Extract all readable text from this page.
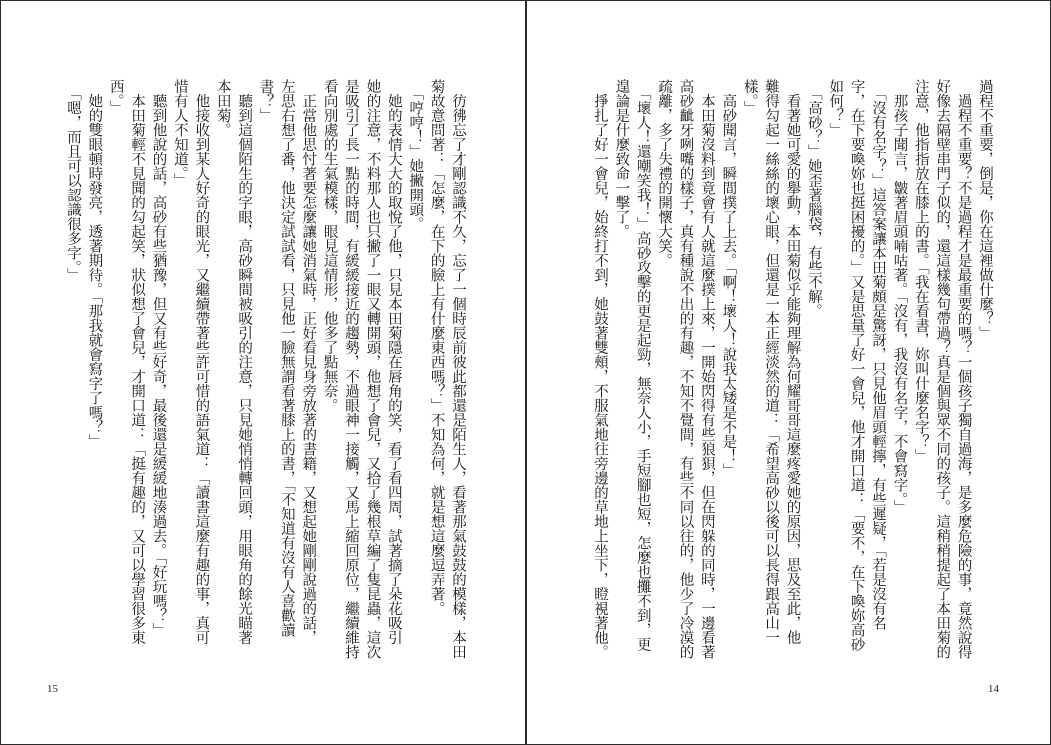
過程不重要，倒是，你在這裡做什麼？」
　過程不重要？不是過程才是最重要的嗎？一個孩子獨自過海，是多麼危險的事，竟然說得
好像去隔壁串門子似的，還這樣幾句帶過？真是個與眾不同的孩子。這稍稍提起了本田菊的
注意，他指指放在膝上的書。「我在看書，妳叫什麼名字？」
　那孩子聞言，皺著眉頭喃咕著。「沒有，我沒有名字，不會寫字。」
　「沒有名字？」這答案讓本田菊頗是驚訝，只見他眉頭輕擰，有些遲疑，「若是沒有名
字，在下要喚妳也挺困擾的。」又是思量了好一會兒，他才開口道：「要不，在下喚妳高砂
如何？」
　「高砂？」她歪著腦袋，有些不解。
　看著她可愛的舉動，本田菊似乎能夠理解為何耀哥哥這麼疼愛她的原因，思及至此，他
難得勾起一絲絲的壞心眼，但還是一本正經淡然的道：「希望高砂以後可以長得跟高山一
樣。」
　高砂聞言，瞬間撲了上去。「啊！壞人！說我太矮是不是！」
　本田菊沒料到竟會有人就這麼撲上來，一開始閃得有些狼狽，但在閃躲的同時，一邊看著
高砂齜牙咧嘴的樣子，真有種說不出的有趣，不知不覺間，有些不同以往的，他少了冷漠的
疏離，多了失禮的開懷大笑。
　「壞人！還嘲笑我！」高砂攻擊的更是起勁，無奈人小，手短腳也短，怎麼也攤不到，更
遑論是什麼致命一擊了。
　掙扎了好一會兒，始終打不到，她鼓著雙頰，不服氣地往旁邊的草地上坐下，瞪視著他。
14
　彷彿忘了才剛認識不久，忘了一個時辰前彼此都還是陌生人，看著那氣鼓鼓的模樣，本田
菊故意問著：「怎麼，在下的臉上有什麼東西嗎？」不知為何，就是想這麼逗弄著。
　「哼哼！」她撇開頭。
　她的表情大大的取悅了他，只見本田菊隱在唇角的笑，看了看四周，試著摘了朵花吸引
她的注意，不料那人也只撇了一眼又轉開頭，他想了會兒，又拾了幾根草編了隻昆蟲，這次
是吸引了長一點的時間，有緩緩接近的趨勢，不過眼神一接觸，又馬上縮回原位，繼續維持
看向別處的生氣模樣，眼見這情形，他多了點無奈。
　正當他思忖著要怎麼讓她消氣時，正好看見身旁放著的書籍，又想起她剛剛說過的話，
左思右想了番，他決定試試看，只見他一臉無謂看著膝上的書，「不知道有沒有人喜歡讀
書？」
　聽到這個陌生的字眼，高砂瞬間被吸引的注意，只見她悄悄轉回頭，用眼角的餘光瞄著
本田菊。
　他接收到某人好奇的眼光，又繼續帶著些許可惜的語氣道：「讀書這麼有趣的事，真可
惜有人不知道。」
　聽到他說的話，高砂有些猶豫，但又有些好奇，最後還是緩緩地湊過去。「好玩嗎？」
　本田菊輕不見聞的勾起笑，狀似想了會兒，才開口道：「挺有趣的，又可以學習很多東
西。」
　她的雙眼頓時發亮，透著期待。「那我就會寫字了嗎？」
　「嗯，而且可以認識很多字。」
15
